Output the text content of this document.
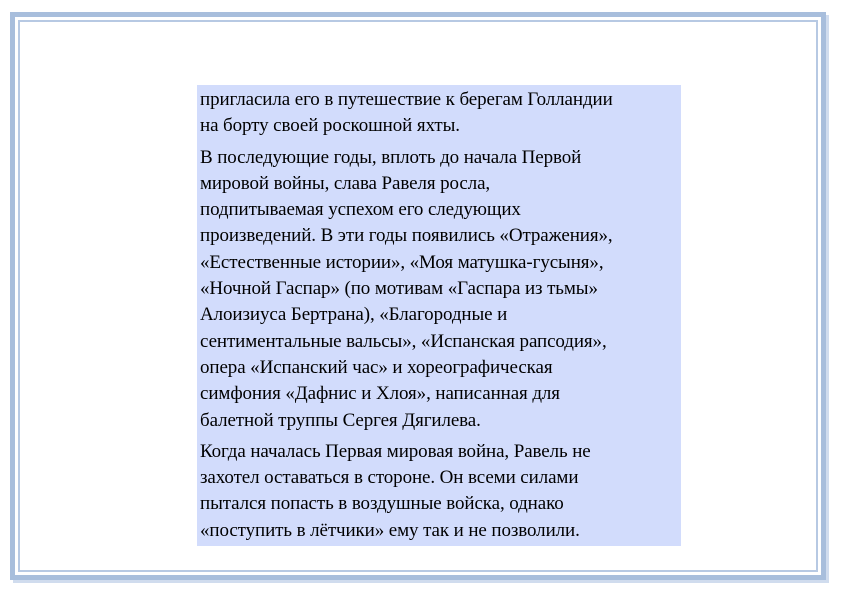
пригласила его в путешествие к берегам Голландии
на борту своей роскошной яхты.

В последующие годы, вплоть до начала Первой
мировой войны, слава Равеля росла,
подпитываемая успехом его следующих
произведений. В эти годы появились «Отражения»,
«Естественные истории», «Моя матушка-гусыня»,
«Ночной Гаспар» (по мотивам «Гаспара из тьмы»
Алоизиуса Бертрана), «Благородные и
сентиментальные вальсы», «Испанская рапсодия»,
опера «Испанский час» и хореографическая
симфония «Дафнис и Хлоя», написанная для
балетной труппы Сергея Дягилева.

Когда началась Первая мировая война, Равель не
захотел оставаться в стороне. Он всеми силами
пытался попасть в воздушные войска, однако
«поступить в лётчики» ему так и не позволили.
